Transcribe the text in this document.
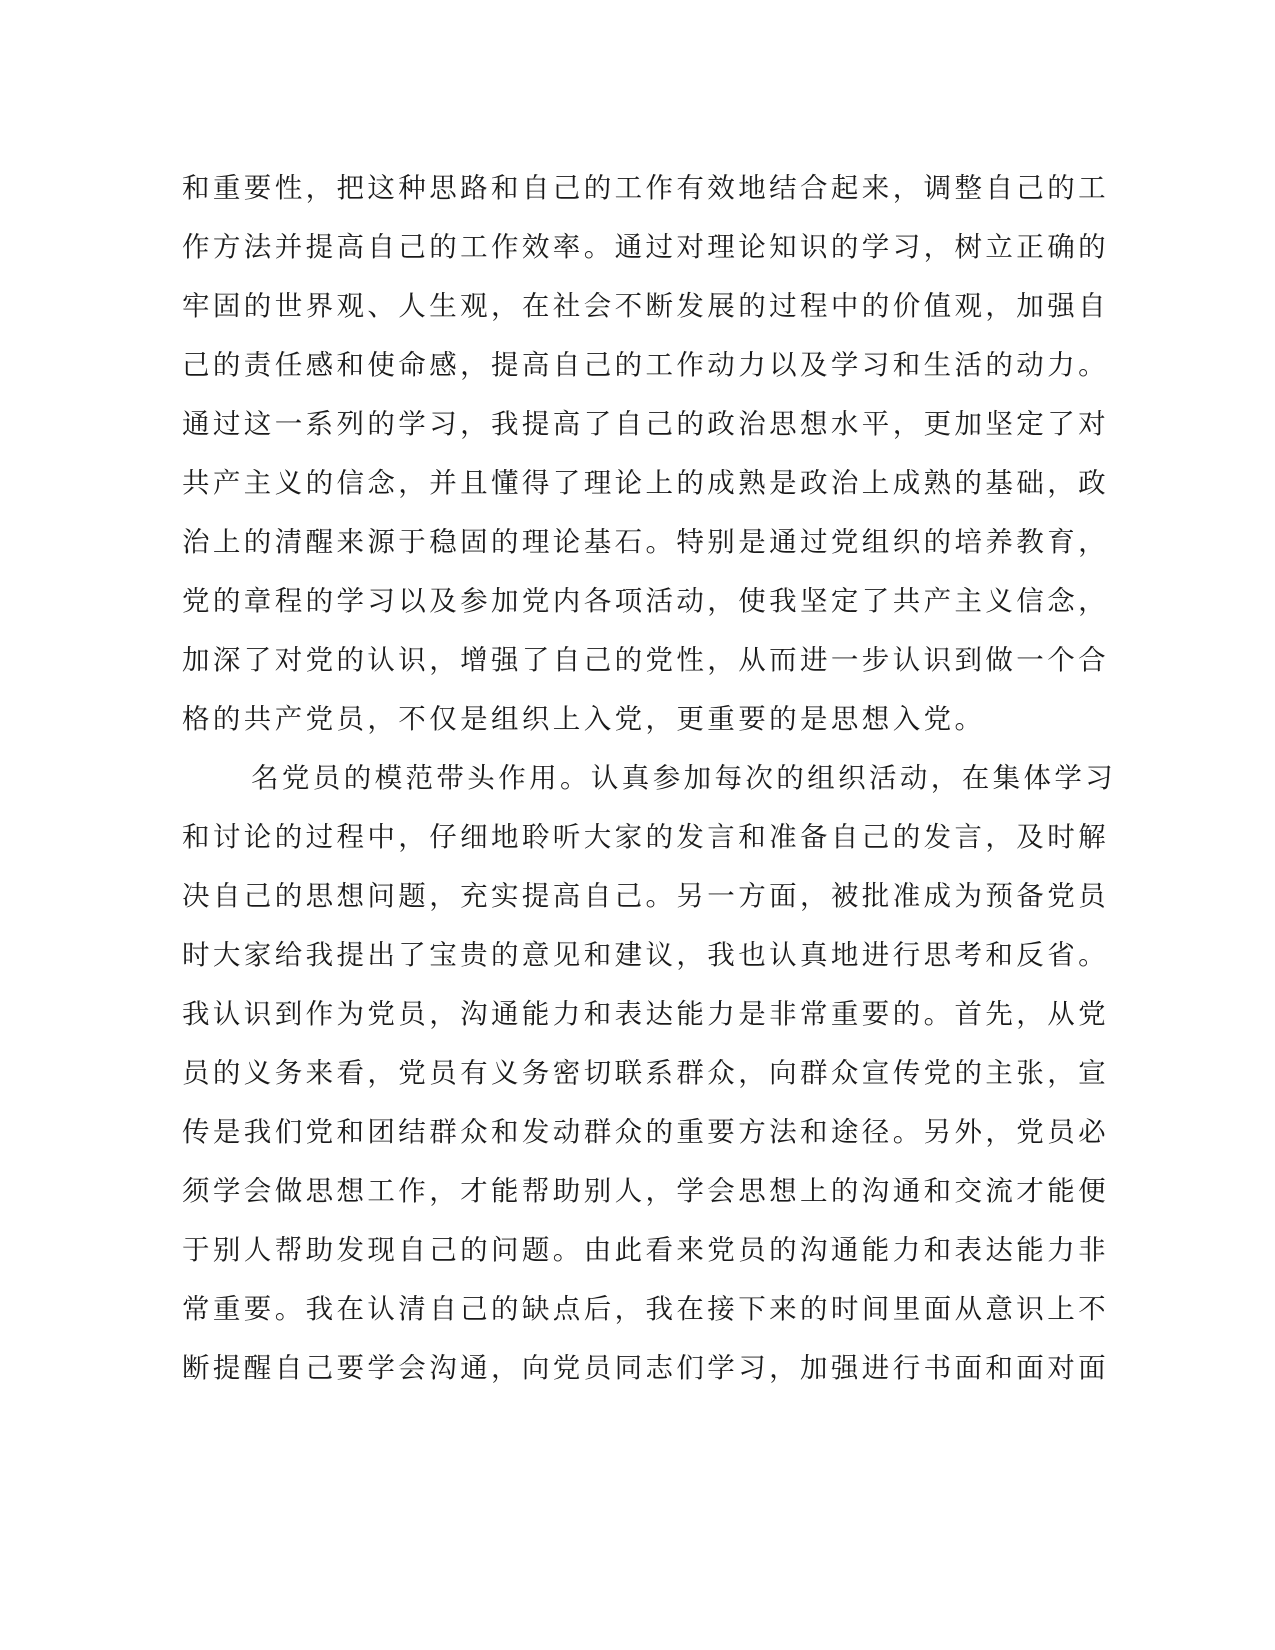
和重要性，把这种思路和自己的工作有效地结合起来，调整自己的工
作方法并提高自己的工作效率。通过对理论知识的学习，树立正确的
牢固的世界观、人生观，在社会不断发展的过程中的价值观，加强自
己的责任感和使命感，提高自己的工作动力以及学习和生活的动力。
通过这一系列的学习，我提高了自己的政治思想水平，更加坚定了对
共产主义的信念，并且懂得了理论上的成熟是政治上成熟的基础，政
治上的清醒来源于稳固的理论基石。特别是通过党组织的培养教育，
党的章程的学习以及参加党内各项活动，使我坚定了共产主义信念，
加深了对党的认识，增强了自己的党性，从而进一步认识到做一个合
格的共产党员，不仅是组织上入党，更重要的是思想入党。
名党员的模范带头作用。认真参加每次的组织活动，在集体学习
和讨论的过程中，仔细地聆听大家的发言和准备自己的发言，及时解
决自己的思想问题，充实提高自己。另一方面，被批准成为预备党员
时大家给我提出了宝贵的意见和建议，我也认真地进行思考和反省。
我认识到作为党员，沟通能力和表达能力是非常重要的。首先，从党
员的义务来看，党员有义务密切联系群众，向群众宣传党的主张，宣
传是我们党和团结群众和发动群众的重要方法和途径。另外，党员必
须学会做思想工作，才能帮助别人，学会思想上的沟通和交流才能便
于别人帮助发现自己的问题。由此看来党员的沟通能力和表达能力非
常重要。我在认清自己的缺点后，我在接下来的时间里面从意识上不
断提醒自己要学会沟通，向党员同志们学习，加强进行书面和面对面
